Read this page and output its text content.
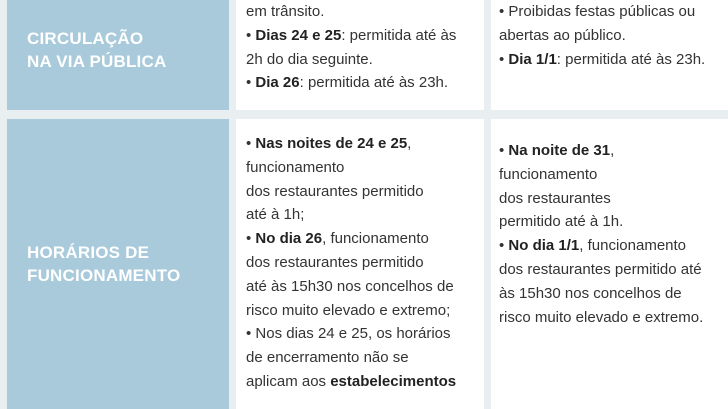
CIRCULAÇÃO
NA VIA PÚBLICA
em trânsito.
• Dias 24 e 25: permitida até às
2h do dia seguinte.
• Dia 26: permitida até às 23h.
• Proibidas festas públicas ou
abertas ao público.
• Dia 1/1: permitida até às 23h.
HORÁRIOS DE
FUNCIONAMENTO
• Nas noites de 24 e 25,
funcionamento
dos restaurantes permitido
até à 1h;
• No dia 26, funcionamento
dos restaurantes permitido
até às 15h30 nos concelhos de
risco muito elevado e extremo;
• Nos dias 24 e 25, os horários
de encerramento não se
aplicam aos estabelecimentos
• Na noite de 31,
funcionamento
dos restaurantes
permitido até à 1h.
• No dia 1/1, funcionamento
dos restaurantes permitido até
às 15h30 nos concelhos de
risco muito elevado e extremo.
